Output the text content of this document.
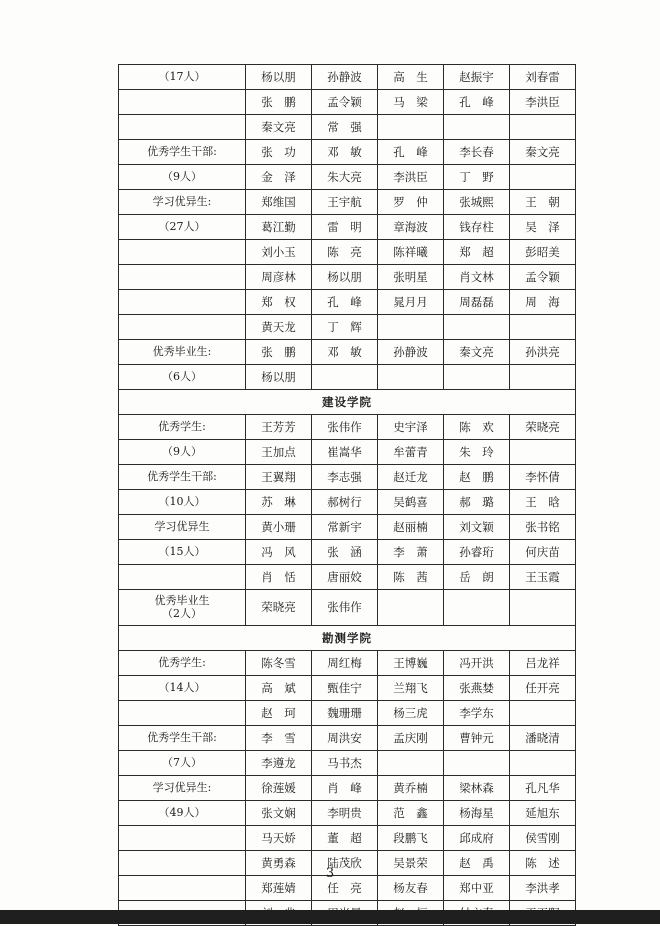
（17人）	杨以朋	孙静波	高　生	赵振宇	刘春雷
	张　鹏	孟令颖	马　梁	孔　峰	李洪臣
	秦文亮	常　强			
优秀学生干部:	张　功	邓　敏	孔　峰	李长春	秦文亮
（9人）	金　泽	朱大亮	李洪臣	丁　野	
学习优异生:	郑维国	王宇航	罗　仲	张城熙	王　朝
（27人）	葛江勤	雷　明	章海波	钱存柱	吴　泽
	刘小玉	陈　亮	陈祥曦	郑　超	彭昭美
	周彦林	杨以朋	张明星	肖文林	孟令颖
	郑　权	孔　峰	晁月月	周磊磊	周　海
	黄天龙	丁　辉			
优秀毕业生:	张　鹏	邓　敏	孙静波	秦文亮	孙洪亮
（6人）	杨以朋				
建设学院					
优秀学生:	王芳芳	张伟作	史宇泽	陈　欢	荣晓亮
（9人）	王加点	崔嵩华	牟蕾青	朱　玲	
优秀学生干部:	王翼翔	李志强	赵迁龙	赵　鹏	李怀倩
（10人）	苏　琳	郝树行	吴鹤喜	郝　璐	王　晗
学习优异生	黄小珊	常新宇	赵丽楠	刘文颖	张书铭
（15人）	冯　风	张　涵	李　萧	孙睿珩	何庆苗
	肖　恬	唐丽姣	陈　茜	岳　朗	王玉霞

优秀毕业生
（2人）	荣晓亮	张伟作			
勘测学院					
优秀学生:	陈冬雪	周红梅	王博巍	冯开洪	吕龙祥
（14人）	高　斌	甄佳宁	兰翔飞	张燕婪	任开亮
	赵　珂	魏珊珊	杨三虎	李学东	
优秀学生干部:	李　雪	周洪安	孟庆刚	曹钟元	潘晓清
（7人）	李遵龙	马书杰			
学习优异生:	徐莲媛	肖　峰	黄乔楠	梁林森	孔凡华
（49人）	张文娴	李明贵	范　鑫	杨海星	延旭东
	马天娇	董　超	段鹏飞	邱成府	侯雪刚
	黄勇森	陆茂欣	吴景荣	赵　禹	陈　述
	郑莲婧	任　亮	杨友春	郑中亚	李洪孝

3
